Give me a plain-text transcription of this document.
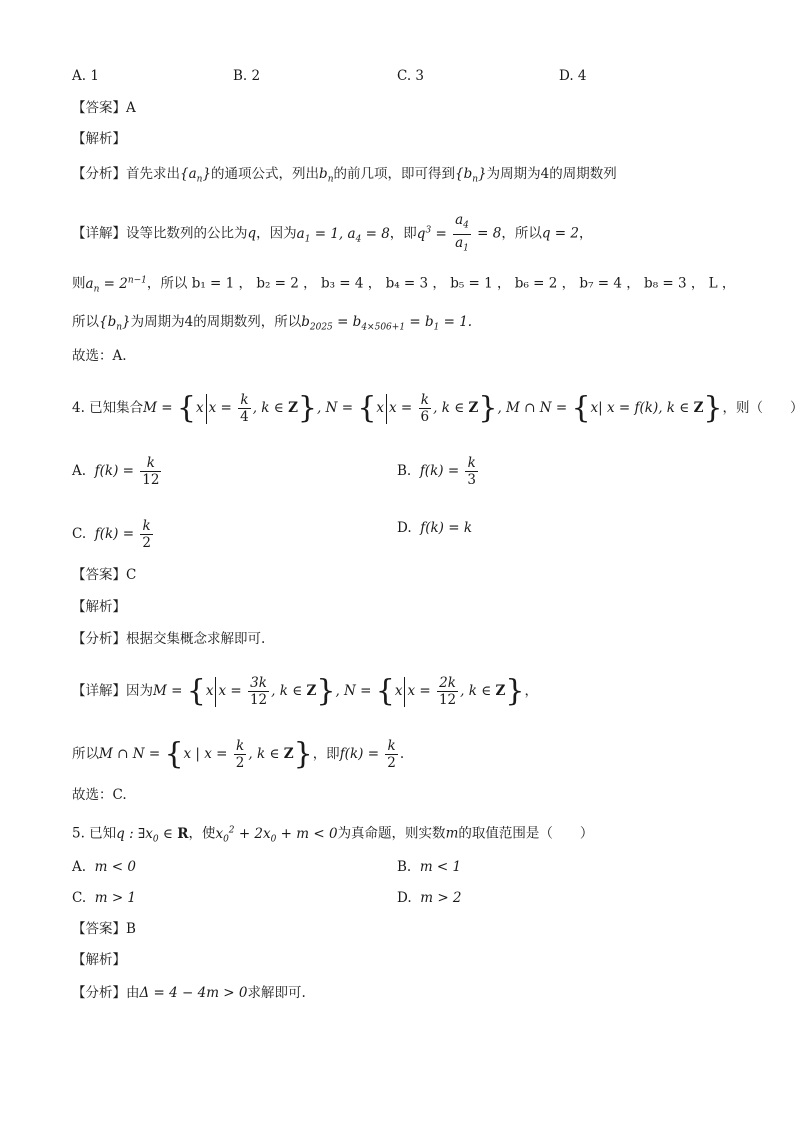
A. 1	B. 2	C. 3	D. 4
【答案】A
【解析】
【分析】首先求出$\{a_n\}$的通项公式，列出$b_n$的前几项，即可得到$\{b_n\}$为周期为4的周期数列
【详解】设等比数列的公比为q，因为$a_1 = 1$, $a_4 = 8$，即$q^3 = \frac{a_4}{a_1} = 8$，所以q = 2，
则$a_n = 2^{n-1}$，所以 b₁ = 1 ， b₂ = 2 ， b₃ = 4 ， b₄ = 3 ， b₅ = 1 ， b₆ = 2 ， b₇ = 4 ， b₈ = 3 ， L ，
所以$\{b_n\}$为周期为4的周期数列，所以$b_{2025} = b_{4\times 506+1} = b_1 = 1$.
故选：A.
4. 已知集合M = {x $x = \frac{k}{4}$ , k ∈ Z}, N = {x $x = \frac{k}{6}$ , k ∈ Z}, M ∩ N = {x| x = f(k), k ∈ Z}，则（　　）
A. $f(k) = \frac{k}{12}$	B. $f(k) = \frac{k}{3}$
C. $f(k) = \frac{k}{2}$	D. f(k) = k
【答案】C
【解析】
【分析】根据交集概念求解即可.
【详解】因为M = {x $x = \frac{3k}{12}$ , k ∈ Z}, N = {x $x = \frac{2k}{12}$ , k ∈ Z}，
所以M ∩ N = {x | $x = \frac{k}{2}$ , k ∈ Z}，即$f(k) = \frac{k}{2}$ .
故选：C.
5. 已知q : $\exists x_0$ ∈ R，使$x_0^2 + 2x_0 + m < 0$为真命题，则实数m的取值范围是（　　）
A. m < 0	B. m < 1
C. m > 1	D. m > 2
【答案】B
【解析】
【分析】由Δ = 4 − 4m > 0求解即可.
